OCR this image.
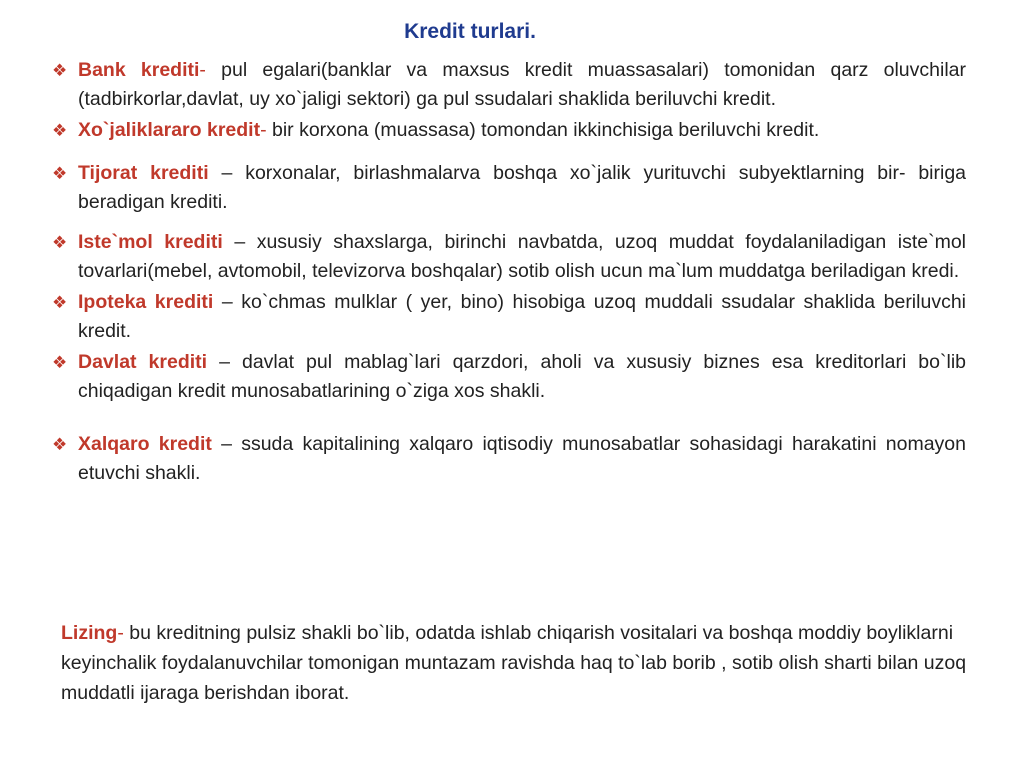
Kredit turlari.
❖ Bank krediti- pul egalari(banklar va maxsus kredit muassasalari) tomonidan qarz oluvchilar (tadbirkorlar,davlat, uy xo`jaligi sektori) ga pul ssudalari shaklida beriluvchi kredit.
❖ Xo`jaliklararo kredit- bir korxona (muassasa) tomondan ikkinchisiga beriluvchi kredit.
❖ Tijorat krediti – korxonalar, birlashmalarva boshqa xo`jalik yurituvchi subyektlarning bir- biriga beradigan krediti.
❖ Iste`mol krediti – xususiy shaxslarga, birinchi navbatda, uzoq muddat foydalaniladigan iste`mol tovarlari(mebel, avtomobil, televizorva boshqalar) sotib olish ucun ma`lum muddatga beriladigan kredi.
❖ Ipoteka krediti – ko`chmas mulklar ( yer, bino) hisobiga uzoq muddali ssudalar shaklida beriluvchi kredit.
❖ Davlat krediti – davlat pul mablag`lari qarzdori, aholi va xususiy biznes esa kreditorlari bo`lib chiqadigan kredit munosabatlarining o`ziga xos shakli.
❖ Xalqaro kredit – ssuda kapitalining xalqaro iqtisodiy munosabatlar sohasidagi harakatini nomayon etuvchi shakli.
Lizing- bu kreditning pulsiz shakli bo`lib, odatda ishlab chiqarish vositalari va boshqa moddiy boyliklarni keyinchalik foydalanuvchilar tomonigan muntazam ravishda haq to`lab borib , sotib olish sharti bilan uzoq muddatli ijaraga berishdan iborat.
